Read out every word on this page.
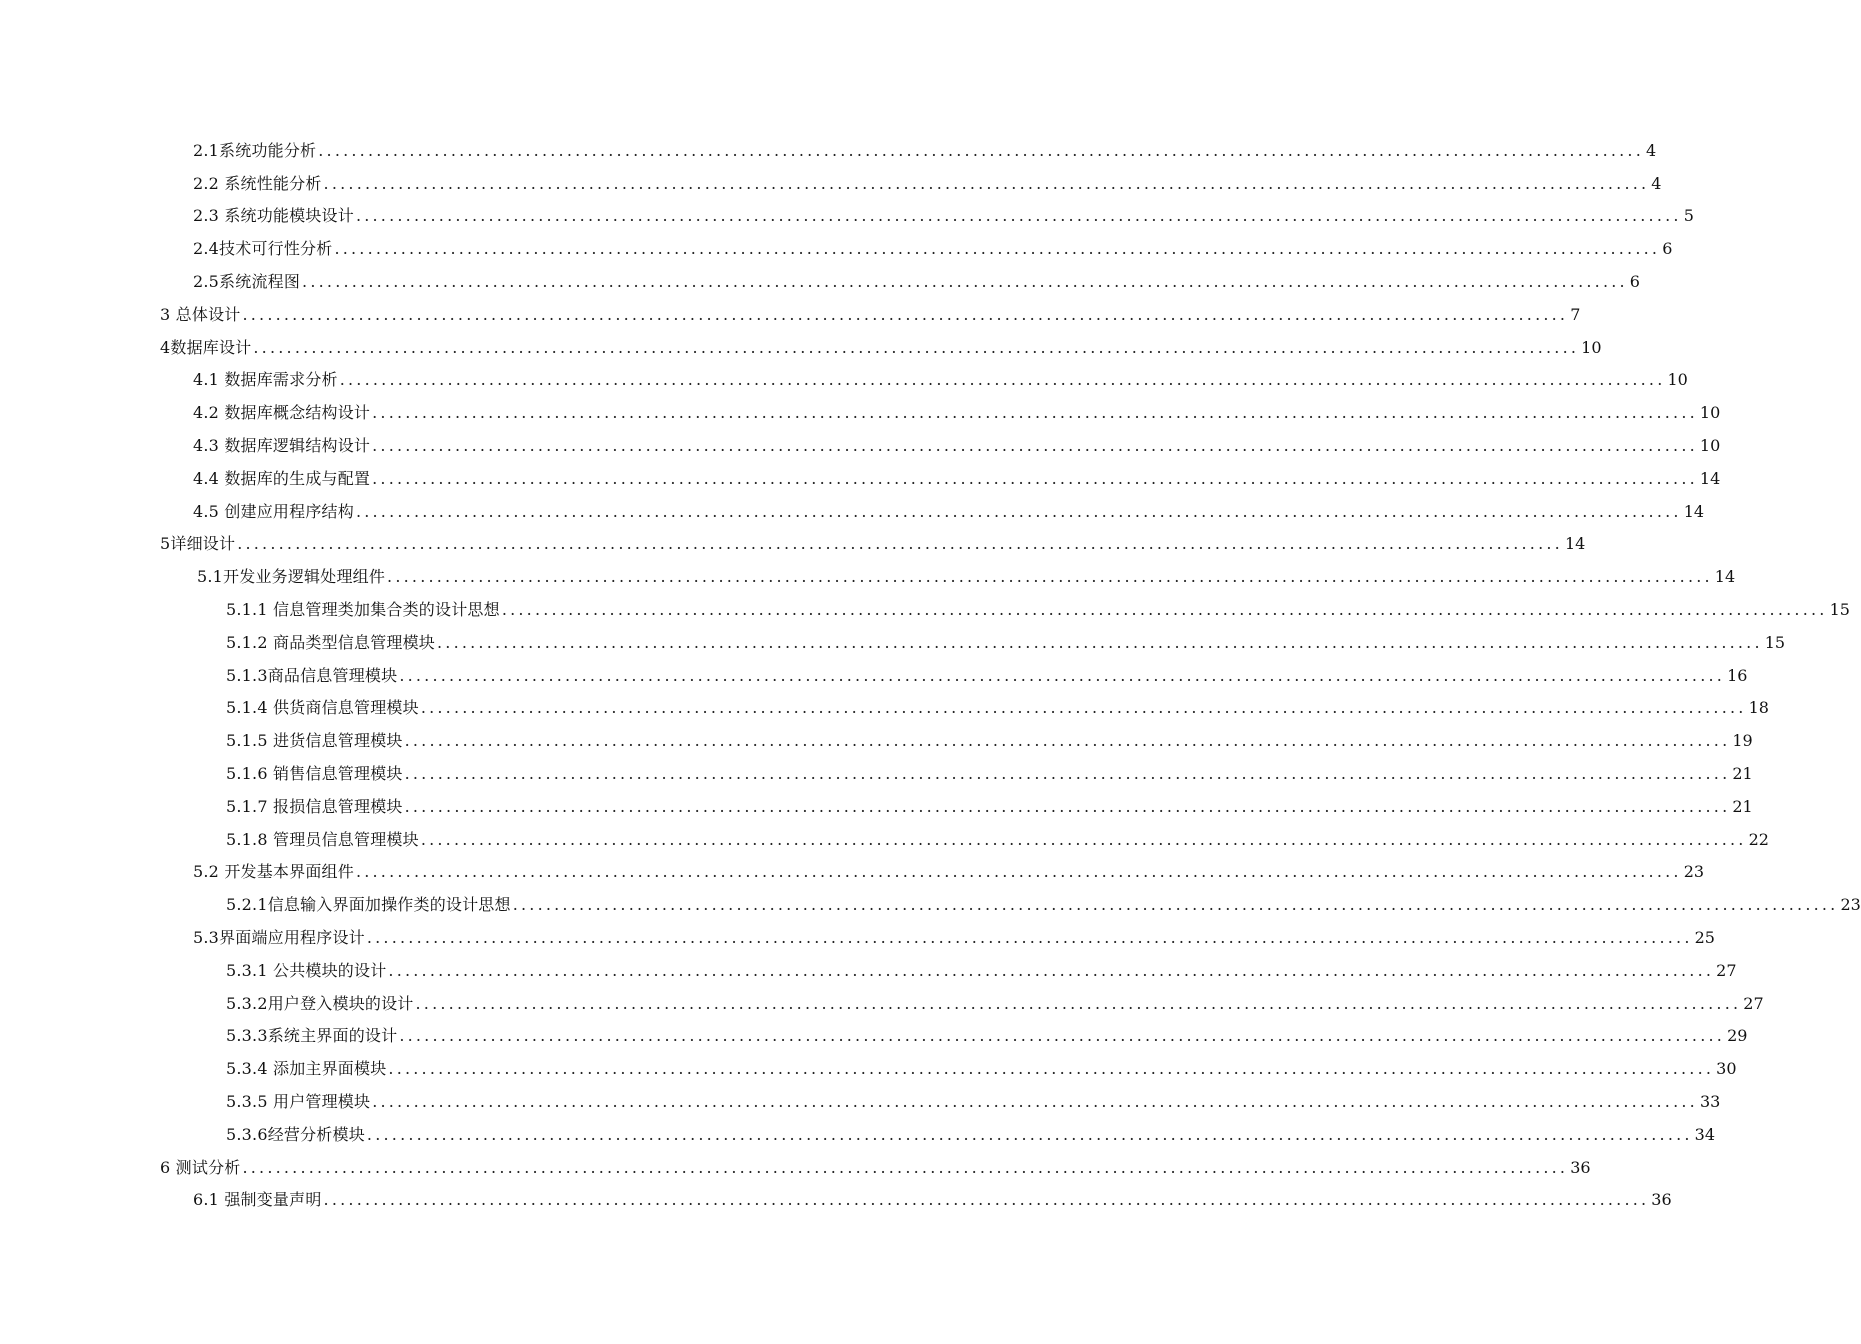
2.1系统功能分析 ................................................................................................................................................................ 4
2.2 系统性能分析 ................................................................................................................................................................ 4
2.3 系统功能模块设计 ................................................................................................................................................................ 5
2.4技术可行性分析 ................................................................................................................................................................ 6
2.5系统流程图 ................................................................................................................................................................ 6
3 总体设计 ................................................................................................................................................................ 7
4数据库设计 ................................................................................................................................................................ 10
4.1 数据库需求分析 ................................................................................................................................................................ 10
4.2 数据库概念结构设计 ................................................................................................................................................................ 10
4.3 数据库逻辑结构设计 ................................................................................................................................................................ 10
4.4 数据库的生成与配置 ................................................................................................................................................................ 14
4.5 创建应用程序结构 ................................................................................................................................................................ 14
5详细设计 ................................................................................................................................................................ 14
5.1开发业务逻辑处理组件 ................................................................................................................................................................ 14
5.1.1 信息管理类加集合类的设计思想 ................................................................................................................................................................ 15
5.1.2 商品类型信息管理模块 ................................................................................................................................................................ 15
5.1.3商品信息管理模块 ................................................................................................................................................................ 16
5.1.4 供货商信息管理模块 ................................................................................................................................................................ 18
5.1.5 进货信息管理模块 ................................................................................................................................................................ 19
5.1.6 销售信息管理模块 ................................................................................................................................................................ 21
5.1.7 报损信息管理模块 ................................................................................................................................................................ 21
5.1.8 管理员信息管理模块 ................................................................................................................................................................ 22
5.2 开发基本界面组件 ................................................................................................................................................................ 23
5.2.1信息输入界面加操作类的设计思想 ................................................................................................................................................................ 23
5.3界面端应用程序设计 ................................................................................................................................................................ 25
5.3.1 公共模块的设计 ................................................................................................................................................................ 27
5.3.2用户登入模块的设计 ................................................................................................................................................................ 27
5.3.3系统主界面的设计 ................................................................................................................................................................ 29
5.3.4 添加主界面模块 ................................................................................................................................................................ 30
5.3.5 用户管理模块 ................................................................................................................................................................ 33
5.3.6经营分析模块 ................................................................................................................................................................ 34
6 测试分析 ................................................................................................................................................................ 36
6.1 强制变量声明 ................................................................................................................................................................ 36
